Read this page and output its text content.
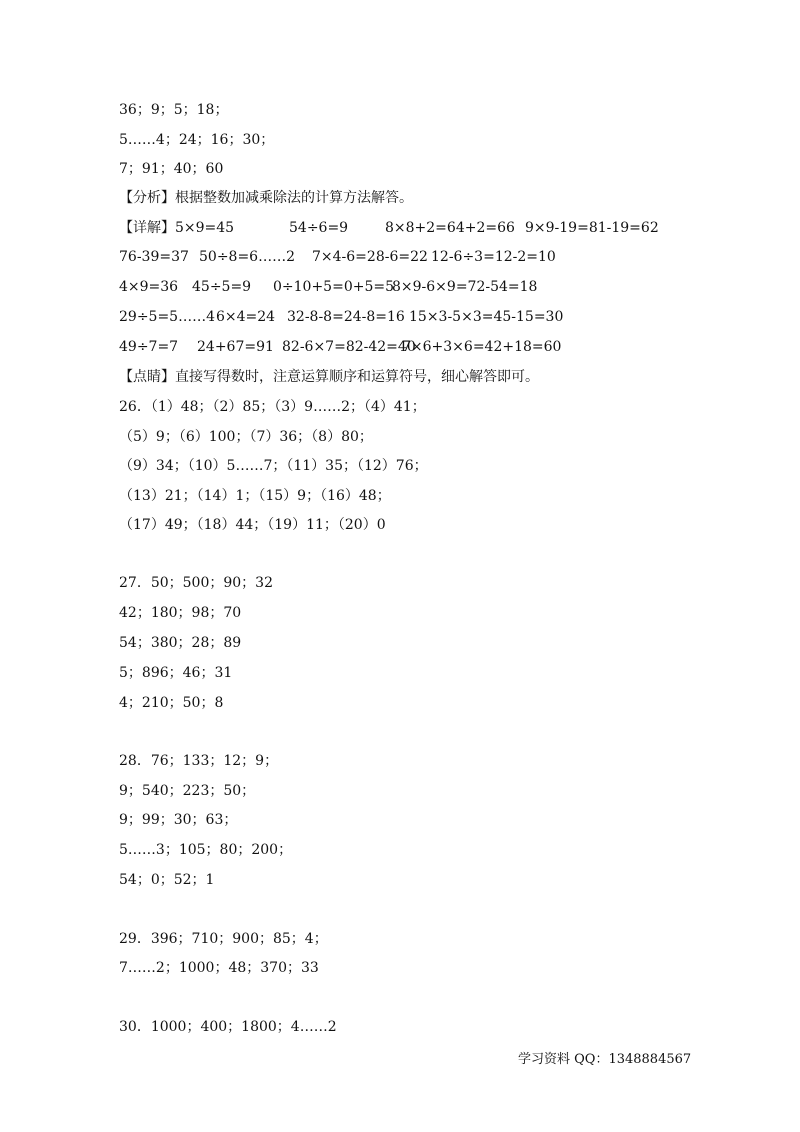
36；9；5；18；
5……4；24；16；30；
7；91；40；60
【分析】根据整数加减乘除法的计算方法解答。
【详解】5×9=45	54÷6=9	8×8+2=64+2=66 9×9-19=81-19=62
76-39=37 50÷8=6……2 7×4-6=28-6=22 12-6÷3=12-2=10
4×9=36 45÷5=9 0÷10+5=0+5=5
8×9-6×9=72-54=18
29÷5=5……4 6×4=24 32-8-8=24-8=16 15×3-5×3=45-15=30
49÷7=7 24+67=91 82-6×7=82-42=40
7×6+3×6=42+18=60
【点睛】直接写得数时，注意运算顺序和运算符号，细心解答即可。
26．（1）48；（2）85；（3）9……2；（4）41；
（5）9；（6）100；（7）36；（8）80；
（9）34；（10）5……7；（11）35；（12）76；
（13）21；（14）1；（15）9；（16）48；
（17）49；（18）44；（19）11；（20）0
27．50；500；90；32
42；180；98；70
54；380；28；89
5；896；46；31
4；210；50；8
28．76；133；12；9；
9；540；223；50；
9；99；30；63；
5……3；105；80；200；
54；0；52；1
29．396；710；900；85；4；
7……2；1000；48；370；33
30．1000；400；1800；4……2
学习资料 QQ：1348884567
